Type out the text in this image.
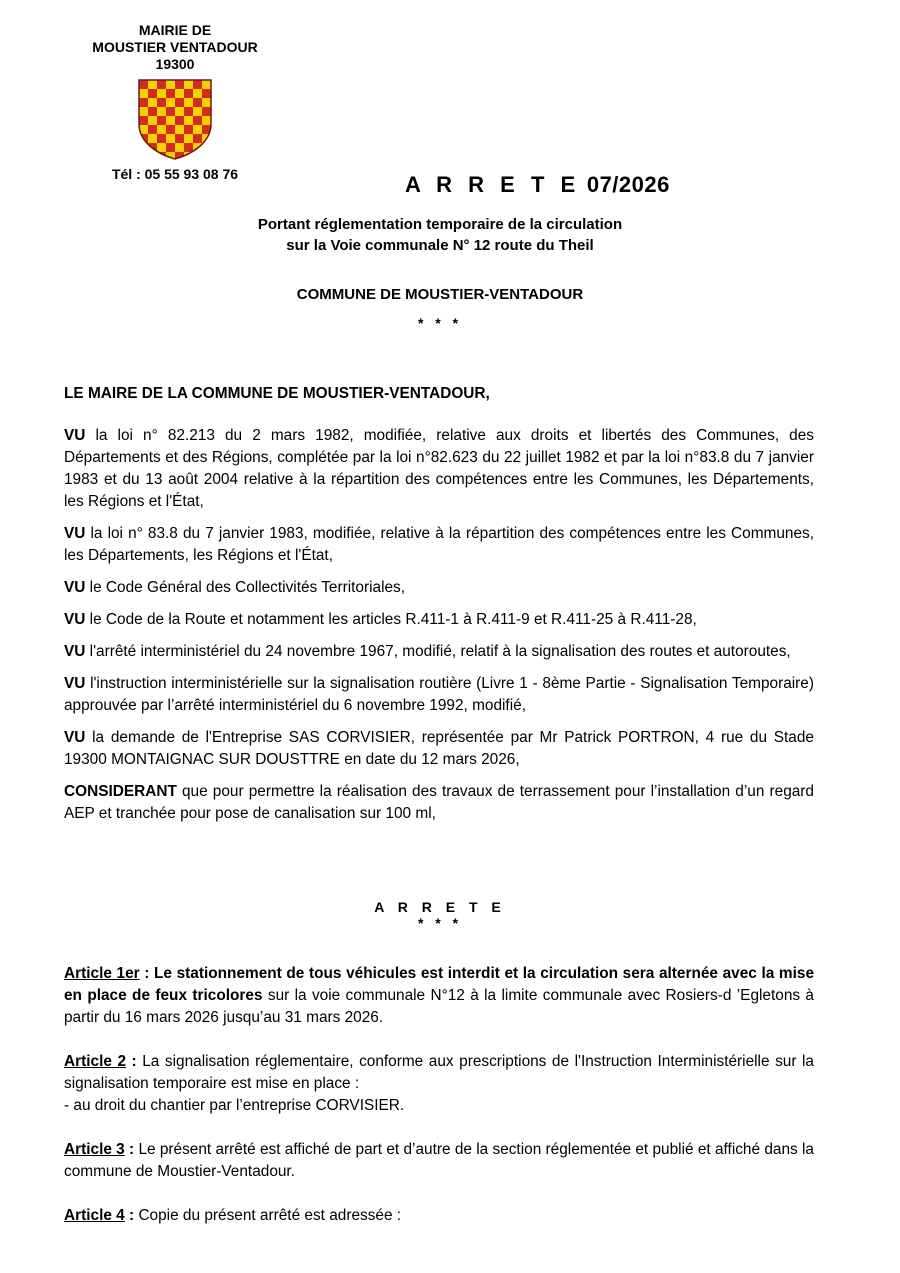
MAIRIE DE
MOUSTIER VENTADOUR
19300
Tél : 05 55 93 08 76	A R R E T E 07/2026
Portant réglementation temporaire de la circulation
sur la Voie communale N° 12 route du Theil
COMMUNE DE MOUSTIER-VENTADOUR
* * *

LE MAIRE DE LA COMMUNE DE MOUSTIER-VENTADOUR,

VU la loi n° 82.213 du 2 mars 1982, modifiée, relative aux droits et libertés des Communes, des Départements et des Régions, complétée par la loi n°82.623 du 22 juillet 1982 et par la loi n°83.8 du 7 janvier 1983 et du 13 août 2004 relative à la répartition des compétences entre les Communes, les Départements, les Régions et l'État,

VU la loi n° 83.8 du 7 janvier 1983, modifiée, relative à la répartition des compétences entre les Communes, les Départements, les Régions et l'État,

VU le Code Général des Collectivités Territoriales,

VU le Code de la Route et notamment les articles R.411-1 à R.411-9 et R.411-25 à R.411-28,

VU l'arrêté interministériel du 24 novembre 1967, modifié, relatif à la signalisation des routes et autoroutes,

VU l'instruction interministérielle sur la signalisation routière (Livre 1 - 8ème Partie - Signalisation Temporaire) approuvée par l’arrêté interministériel du 6 novembre 1992, modifié,

VU la demande de l'Entreprise SAS CORVISIER, représentée par Mr Patrick PORTRON, 4 rue du Stade 19300 MONTAIGNAC SUR DOUSTTRE en date du 12 mars 2026,

CONSIDERANT que pour permettre la réalisation des travaux de terrassement pour l’installation d’un regard AEP et tranchée pour pose de canalisation sur 100 ml,

A R R E T E
* * *

Article 1er : Le stationnement de tous véhicules est interdit et la circulation sera alternée avec la mise en place de feux tricolores sur la voie communale N°12 à la limite communale avec Rosiers-d ’Egletons à partir du 16 mars 2026 jusqu’au 31 mars 2026.

Article 2 : La signalisation réglementaire, conforme aux prescriptions de l'Instruction Interministérielle sur la signalisation temporaire est mise en place :
- au droit du chantier par l’entreprise CORVISIER.

Article 3 : Le présent arrêté est affiché de part et d’autre de la section réglementée et publié et affiché dans la commune de Moustier-Ventadour.

Article 4 : Copie du présent arrêté est adressée :
